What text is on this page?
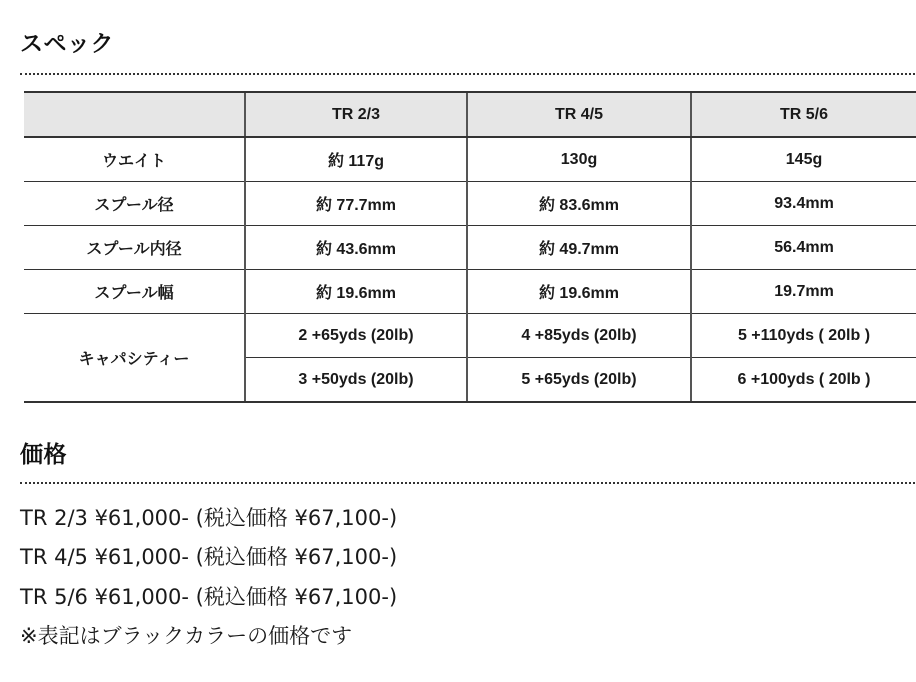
スペック
	TR 2/3	TR 4/5	TR 5/6
ウエイト	約 117g	130g	145g
スプール径	約 77.7mm	約 83.6mm	93.4mm
スプール内径	約 43.6mm	約 49.7mm	56.4mm
スプール幅	約 19.6mm	約 19.6mm	19.7mm
キャパシティー	2 +65yds (20lb)	4 +85yds (20lb)	5 +110yds ( 20lb )
	3 +50yds (20lb)	5 +65yds (20lb)	6 +100yds ( 20lb )
価格
TR 2/3 ¥61,000- (税込価格 ¥67,100-)
TR 4/5 ¥61,000- (税込価格 ¥67,100-)
TR 5/6 ¥61,000- (税込価格 ¥67,100-)
※表記はブラックカラーの価格です
